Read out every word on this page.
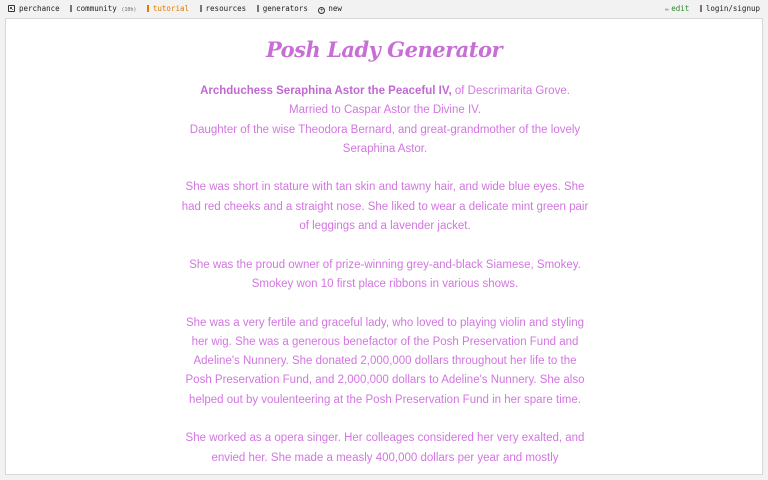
perchance community (10h) tutorial resources generators + new	✏ edit login/signup
Posh Lady Generator

Archduchess Seraphina Astor the Peaceful IV, of Descrimarita Grove.
Married to Caspar Astor the Divine IV.
Daughter of the wise Theodora Bernard, and great-grandmother of the lovely Seraphina Astor.

She was short in stature with tan skin and tawny hair, and wide blue eyes. She had red cheeks and a straight nose. She liked to wear a delicate mint green pair of leggings and a lavender jacket.

She was the proud owner of prize-winning grey-and-black Siamese, Smokey. Smokey won 10 first place ribbons in various shows.

She was a very fertile and graceful lady, who loved to playing violin and styling her wig. She was a generous benefactor of the Posh Preservation Fund and Adeline's Nunnery. She donated 2,000,000 dollars throughout her life to the Posh Preservation Fund, and 2,000,000 dollars to Adeline's Nunnery. She also helped out by voulenteering at the Posh Preservation Fund in her spare time.

She worked as a opera singer. Her colleages considered her very exalted, and envied her. She made a measly 400,000 dollars per year and mostly
